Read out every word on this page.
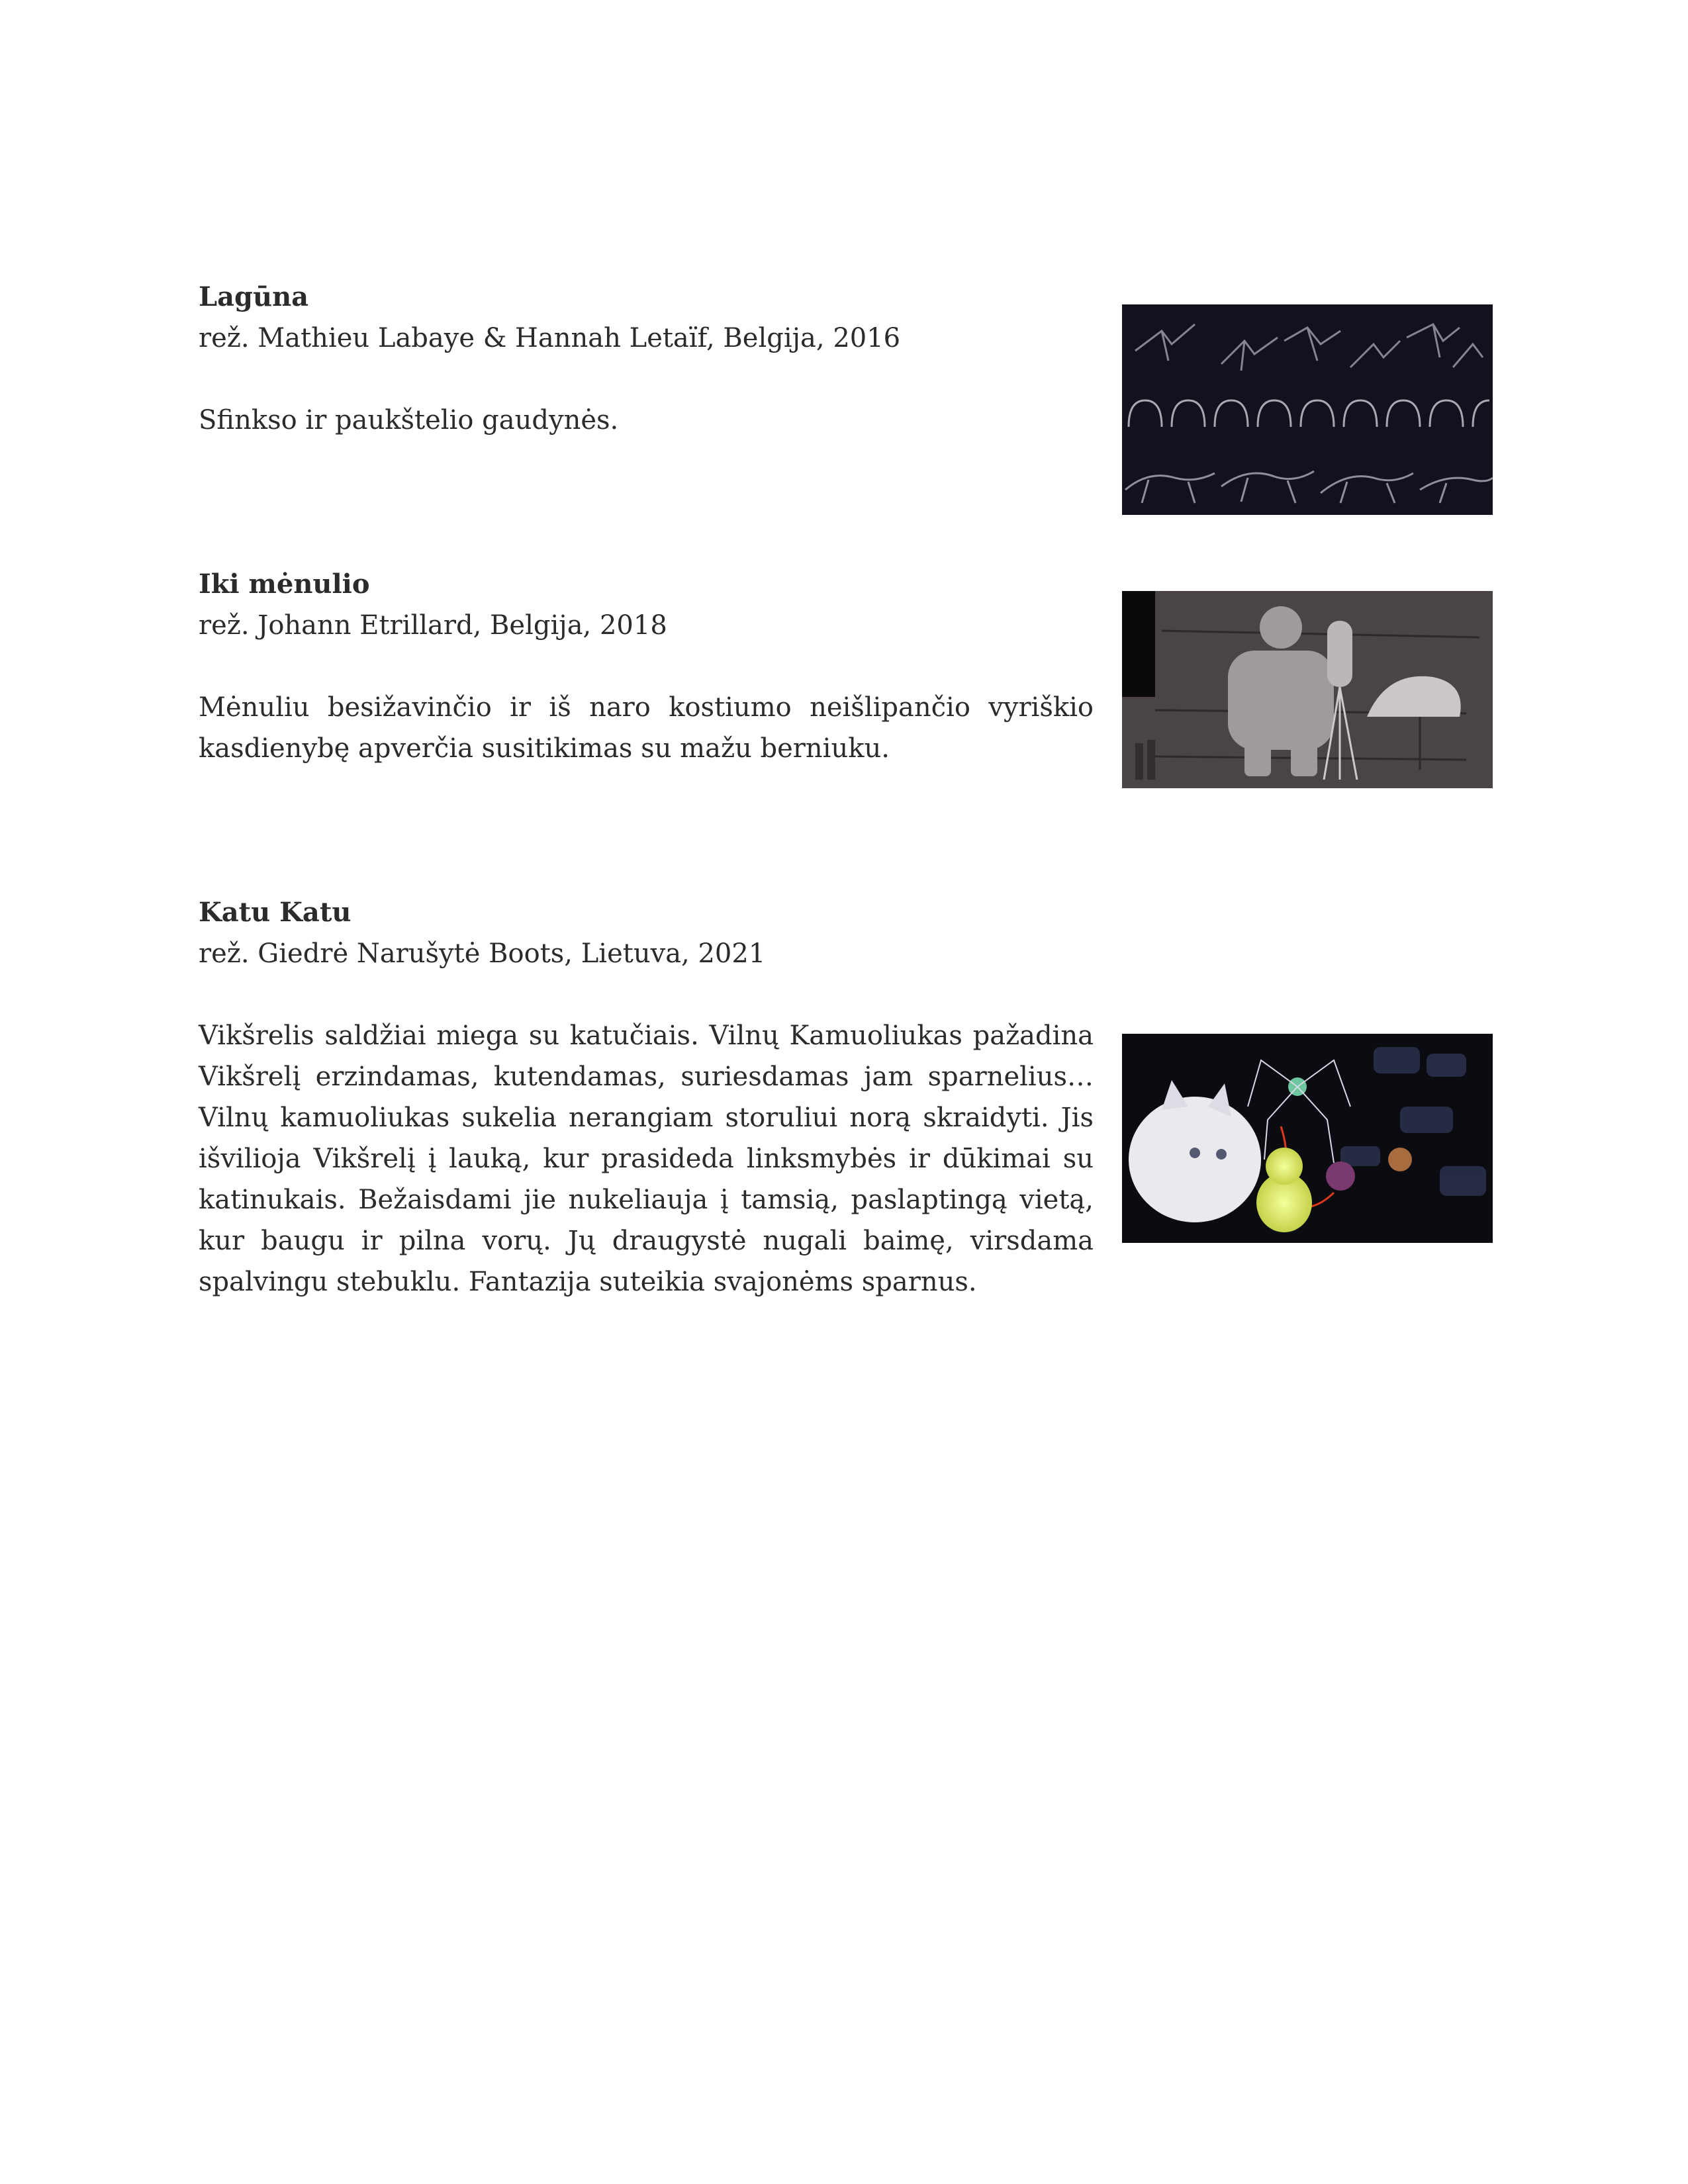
Lagūna

rež. Mathieu Labaye & Hannah Letaïf, Belgija, 2016

Sfinkso ir paukštelio gaudynės.

Iki mėnulio

rež. Johann Etrillard, Belgija, 2018

Mėnuliu besižavinčio ir iš naro kostiumo neišlipančio vyriškio kasdienybę apverčia susitikimas su mažu berniuku.

Katu Katu

rež. Giedrė Narušytė Boots, Lietuva, 2021

Vikšrelis saldžiai miega su katučiais. Vilnų Kamuoliukas pažadina Vikšrelį erzindamas, kutendamas, suriesdamas jam sparnelius… Vilnų kamuoliukas sukelia nerangiam storuliui norą skraidyti. Jis išvilioja Vikšrelį į lauką, kur prasideda linksmybės ir dūkimai su katinukais. Bežaisdami jie nukeliauja į tamsią, paslaptingą vietą, kur baugu ir pilna vorų. Jų draugystė nugali baimę, virsdama spalvingu stebuklu. Fantazija suteikia svajonėms sparnus.
